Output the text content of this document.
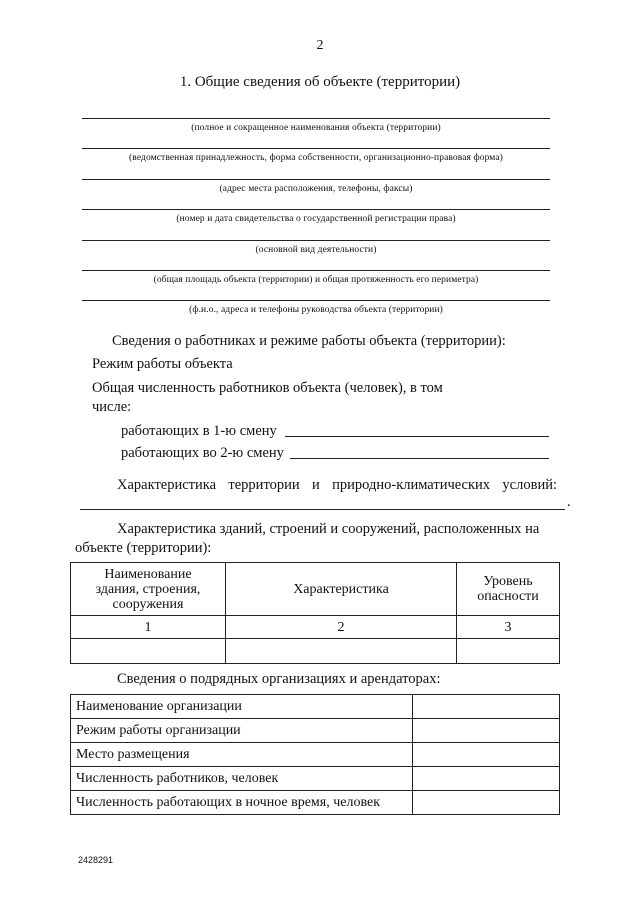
2
1. Общие сведения об объекте (территории)
(полное и сокращенное наименования объекта (территории)
(ведомственная принадлежность, форма собственности, организационно-правовая форма)
(адрес места расположения, телефоны, факсы)
(номер и дата свидетельства о государственной регистрации права)
(основной вид деятельности)
(общая площадь объекта (территории) и общая протяженность его периметра)
(ф.и.о., адреса и телефоны руководства объекта (территории)
Сведения о работниках и режиме работы объекта (территории):
Режим работы объекта
Общая численность работников объекта (человек), в том
числе:
работающих в 1-ю смену
работающих во 2-ю смену
Характеристика территории и природно-климатических условий:
.
Характеристика зданий, строений и сооружений, расположенных на
объекте (территории):
Наименование здания, строения, сооружения	Характеристика	Уровень опасности

1	2	3

Сведения о подрядных организациях и арендаторах:
Наименование организации	
Режим работы организации	
Место размещения	
Численность работников, человек	
Численность работающих в ночное время, человек	
2428291
